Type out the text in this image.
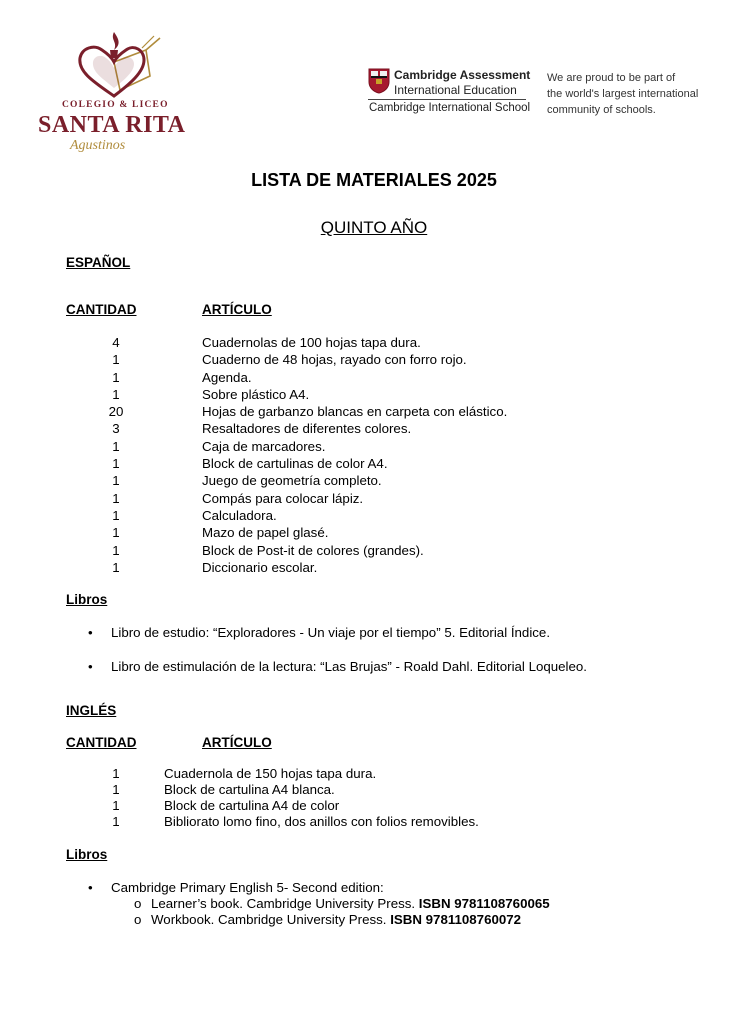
COLEGIO & LICEO
SANTA RITA
Agustinos
Cambridge Assessment
International Education
Cambridge International School
We are proud to be part of
the world's largest international
community of schools.
LISTA DE MATERIALES 2025
QUINTO AÑO
ESPAÑOL
CANTIDAD	ARTÍCULO
4	Cuadernolas de 100 hojas tapa dura.
1	Cuaderno de 48 hojas, rayado con forro rojo.
1	Agenda.
1	Sobre plástico A4.
20	Hojas de garbanzo blancas en carpeta con elástico.
3	Resaltadores de diferentes colores.
1	Caja de marcadores.
1	Block de cartulinas de color A4.
1	Juego de geometría completo.
1	Compás para colocar lápiz.
1	Calculadora.
1	Mazo de papel glasé.
1	Block de Post-it de colores (grandes).
1	Diccionario escolar.
Libros
• Libro de estudio: “Exploradores - Un viaje por el tiempo” 5. Editorial Índice.
• Libro de estimulación de la lectura: “Las Brujas” - Roald Dahl. Editorial Loqueleo.
INGLÉS
CANTIDAD	ARTÍCULO
1	Cuadernola de 150 hojas tapa dura.
1	Block de cartulina A4 blanca.
1	Block de cartulina A4 de color
1	Biblioratо lomo fino, dos anillos con folios removibles.
Libros
• Cambridge Primary English 5- Second edition:
o Learner’s book. Cambridge University Press. ISBN 9781108760065
o Workbook. Cambridge University Press. ISBN 9781108760072
